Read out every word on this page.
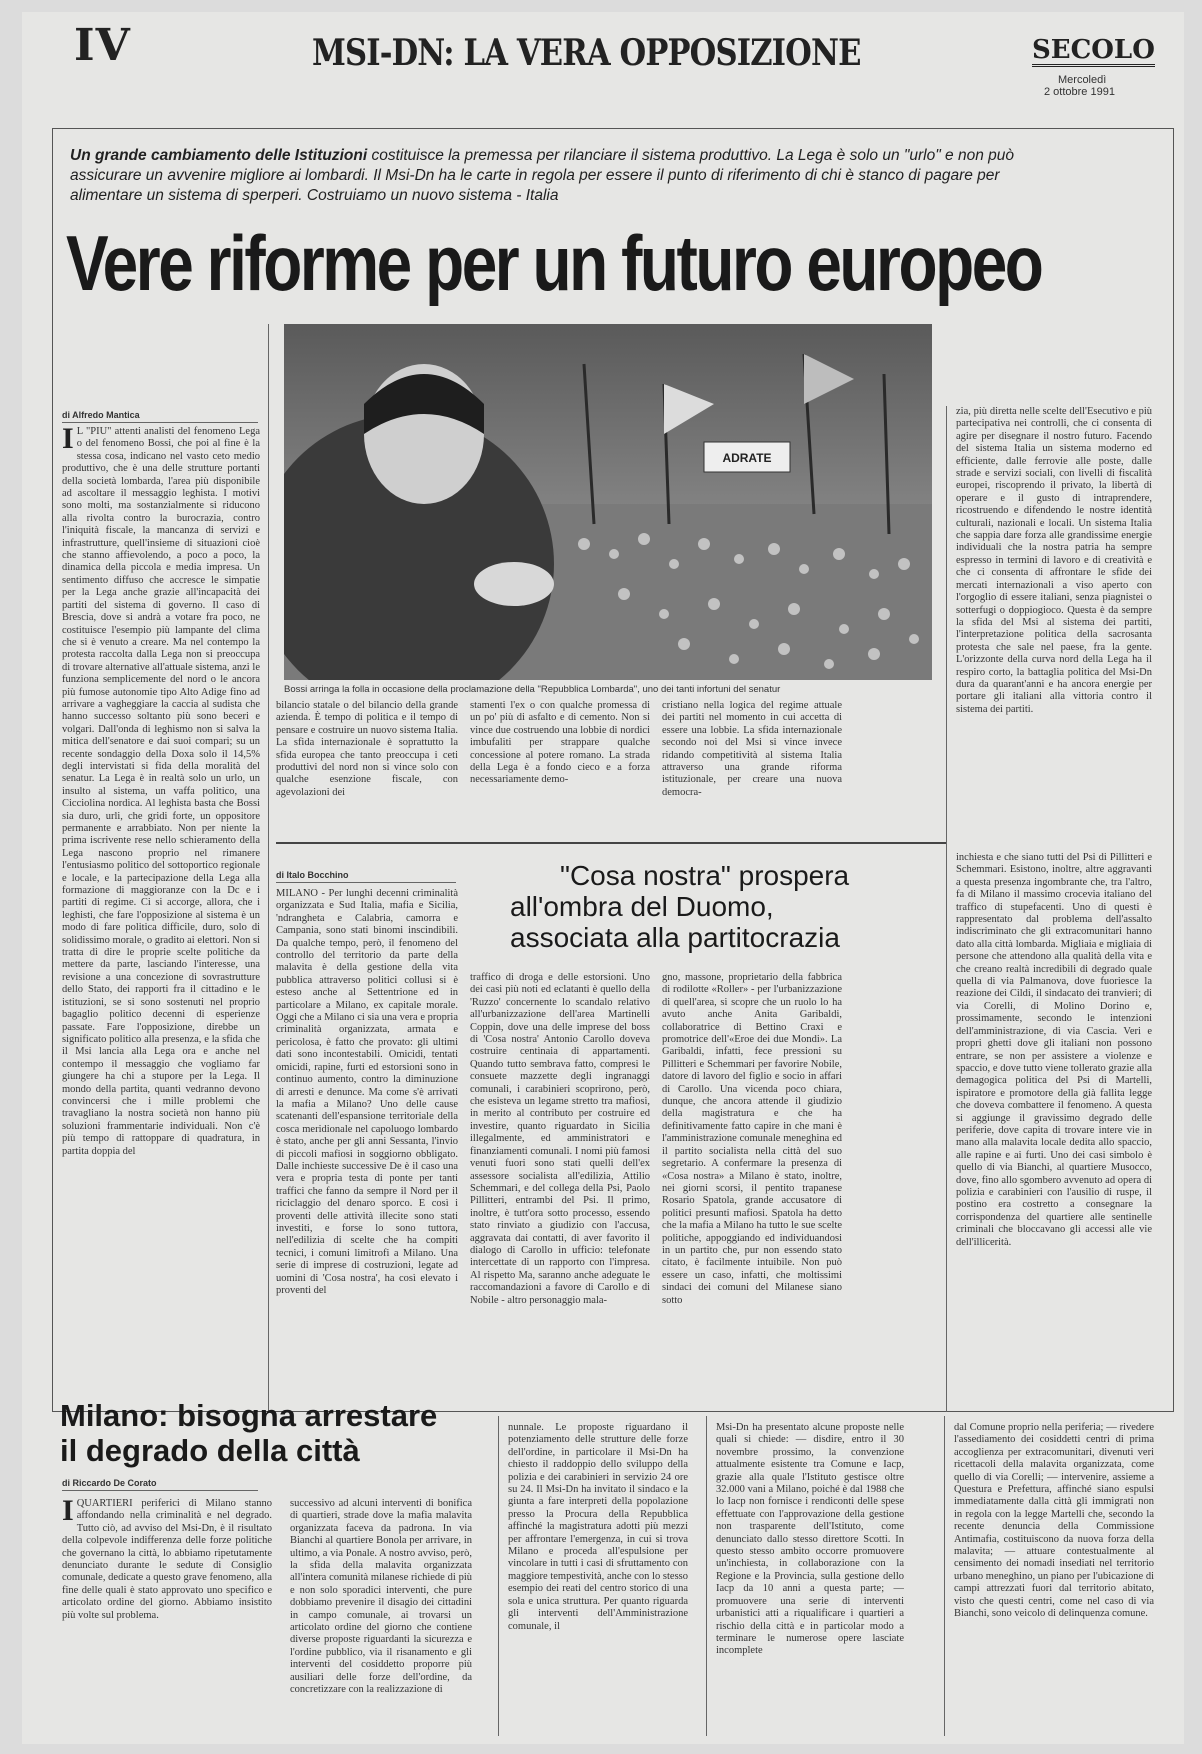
IV	MSI-DN: LA VERA OPPOSIZIONE	SECOLO
Mercoledì
2 ottobre 1991
Un grande cambiamento delle Istituzioni costituisce la premessa per rilanciare il sistema produttivo. La Lega è solo un "urlo" e non può assicurare un avvenire migliore ai lombardi. Il Msi-Dn ha le carte in regola per essere il punto di riferimento di chi è stanco di pagare per alimentare un sistema di sperperi. Costruiamo un nuovo sistema - Italia
Vere riforme per un futuro europeo
ADRATE
Bossi arringa la folla in occasione della proclamazione della "Repubblica Lombarda", uno dei tanti infortuni del senatur
di Alfredo Mantica
I L "PIU" attenti analisti del fenomeno Lega o del fenomeno Bossi, che poi al fine è la stessa cosa, indicano nel vasto ceto medio produttivo, che è una delle strutture portanti della società lombarda, l'area più disponibile ad ascoltare il messaggio leghista. I motivi sono molti, ma sostanzialmente si riducono alla rivolta contro la burocrazia, contro l'iniquità fiscale, la mancanza di servizi e infrastrutture, quell'insieme di situazioni cioè che stanno affievolendo, a poco a poco, la dinamica della piccola e media impresa. Un sentimento diffuso che accresce le simpatie per la Lega anche grazie all'incapacità dei partiti del sistema di governo. Il caso di Brescia, dove si andrà a votare fra poco, ne costituisce l'esempio più lampante del clima che si è venuto a creare. Ma nel contempo la protesta raccolta dalla Lega non si preoccupa di trovare alternative all'attuale sistema, anzi le funziona semplicemente del nord o le ancora più fumose autonomie tipo Alto Adige fino ad arrivare a vagheggiare la caccia al sudista che hanno successo soltanto più sono beceri e volgari. Dall'onda di leghismo non si salva la mitica dell'senatore e dai suoi compari; su un recente sondaggio della Doxa solo il 14,5% degli intervistati si fida della moralità del senatur. La Lega è in realtà solo un urlo, un insulto al sistema, un vaffa politico, una Cicciolina nordica. Al leghista basta che Bossi sia duro, urli, che gridi forte, un oppositore permanente e arrabbiato. Non per niente la prima iscrivente rese nello schieramento della Lega nascono proprio nel rimanere l'entusiasmo politico del sottoportico regionale e locale, e la partecipazione della Lega alla formazione di maggioranze con la Dc e i partiti di regime. Ci si accorge, allora, che i leghisti, che fare l'opposizione al sistema è un modo di fare politica difficile, duro, solo di solidissimo morale, o gradito ai elettori. Non si tratta di dire le proprie scelte politiche da mettere da parte, lasciando l'interesse, una revisione a una concezione di sovrastrutture dello Stato, dei rapporti fra il cittadino e le istituzioni, se si sono sostenuti nel proprio bagaglio politico decenni di esperienze passate. Fare l'opposizione, direbbe un significato politico alla presenza, e la sfida che il Msi lancia alla Lega ora e anche nel contempo il messaggio che vogliamo far giungere ha chi a stupore per la Lega. Il mondo della partita, quanti vedranno devono convincersi che i mille problemi che travagliano la nostra società non hanno più soluzioni frammentarie individuali. Non c'è più tempo di rattoppare di quadratura, in partita doppia del
bilancio statale o del bilancio della grande azienda. È tempo di politica e il tempo di pensare e costruire un nuovo sistema Italia. La sfida internazionale è soprattutto la sfida europea che tanto preoccupa i ceti produttivi del nord non si vince solo con qualche esenzione fiscale, con agevolazioni dei
stamenti l'ex o con qualche promessa di un po' più di asfalto e di cemento. Non si vince due costruendo una lobbie di nordici imbufaliti per strappare qualche concessione al potere romano. La strada della Lega è a fondo cieco e a forza necessariamente demo-
cristiano nella logica del regime attuale dei partiti nel momento in cui accetta di essere una lobbie. La sfida internazionale secondo noi del Msi si vince invece ridando competitività al sistema Italia attraverso una grande riforma istituzionale, per creare una nuova democra-
zia, più diretta nelle scelte dell'Esecutivo e più partecipativa nei controlli, che ci consenta di agire per disegnare il nostro futuro. Facendo del sistema Italia un sistema moderno ed efficiente, dalle ferrovie alle poste, dalle strade e servizi sociali, con livelli di fiscalità europei, riscoprendo il privato, la libertà di operare e il gusto di intraprendere, ricostruendo e difendendo le nostre identità culturali, nazionali e locali. Un sistema Italia che sappia dare forza alle grandissime energie individuali che la nostra patria ha sempre espresso in termini di lavoro e di creatività e che ci consenta di affrontare le sfide dei mercati internazionali a viso aperto con l'orgoglio di essere italiani, senza piagnistei o sotterfugi o doppiogioco. Questa è da sempre la sfida del Msi al sistema dei partiti, l'interpretazione politica della sacrosanta protesta che sale nel paese, fra la gente. L'orizzonte della curva nord della Lega ha il respiro corto, la battaglia politica del Msi-Dn dura da quarant'anni e ha ancora energie per portare gli italiani alla vittoria contro il sistema dei partiti.
di Italo Bocchino	"Cosa nostra" prospera
all'ombra del Duomo,
associata alla partitocrazia
MILANO - Per lunghi decenni criminalità organizzata e Sud Italia, mafia e Sicilia, 'ndrangheta e Calabria, camorra e Campania, sono stati binomi inscindibili. Da qualche tempo, però, il fenomeno del controllo del territorio da parte della malavita è della gestione della vita pubblica attraverso politici collusi si è esteso anche al Settentrione ed in particolare a Milano, ex capitale morale. Oggi che a Milano ci sia una vera e propria criminalità organizzata, armata e pericolosa, è fatto che provato: gli ultimi dati sono incontestabili. Omicidi, tentati omicidi, rapine, furti ed estorsioni sono in continuo aumento, contro la diminuzione di arresti e denunce. Ma come s'è arrivati la mafia a Milano? Uno delle cause scatenanti dell'espansione territoriale della cosca meridionale nel capoluogo lombardo è stato, anche per gli anni Sessanta, l'invio di piccoli mafiosi in soggiorno obbligato. Dalle inchieste successive De è il caso una vera e propria testa di ponte per tanti traffici che fanno da sempre il Nord per il riciclaggio del denaro sporco. E così i proventi delle attività illecite sono stati investiti, e forse lo sono tuttora, nell'edilizia di scelte che ha compiti tecnici, i comuni limitrofi a Milano. Una serie di imprese di costruzioni, legate ad uomini di 'Cosa nostra', ha così elevato i proventi del
traffico di droga e delle estorsioni. Uno dei casi più noti ed eclatanti è quello della 'Ruzzo' concernente lo scandalo relativo all'urbanizzazione dell'area Martinelli Coppin, dove una delle imprese del boss di 'Cosa nostra' Antonio Carollo doveva costruire centinaia di appartamenti. Quando tutto sembrava fatto, compresi le consuete mazzette degli ingranaggi comunali, i carabinieri scoprirono, però, che esisteva un legame stretto tra mafiosi, in merito al contributo per costruire ed investire, quanto riguardato in Sicilia illegalmente, ed amministratori e finanziamenti comunali. I nomi più famosi venuti fuori sono stati quelli dell'ex assessore socialista all'edilizia, Attilio Schemmari, e del collega della Psi, Paolo Pillitteri, entrambi del Psi. Il primo, inoltre, è tutt'ora sotto processo, essendo stato rinviato a giudizio con l'accusa, aggravata dai contatti, di aver favorito il dialogo di Carollo in ufficio: telefonate intercettate di un rapporto con l'impresa. Al rispetto Ma, saranno anche adeguate le raccomandazioni a favore di Carollo e di Nobile - altro personaggio mala-
gno, massone, proprietario della fabbrica di rodilotte «Roller» - per l'urbanizzazione di quell'area, si scopre che un ruolo lo ha avuto anche Anita Garibaldi, collaboratrice di Bettino Craxi e promotrice dell'«Eroe dei due Mondi». La Garibaldi, infatti, fece pressioni su Pillitteri e Schemmari per favorire Nobile, datore di lavoro del figlio e socio in affari di Carollo. Una vicenda poco chiara, dunque, che ancora attende il giudizio della magistratura e che ha definitivamente fatto capire in che mani è l'amministrazione comunale meneghina ed il partito socialista nella città del suo segretario. A confermare la presenza di «Cosa nostra» a Milano è stato, inoltre, nei giorni scorsi, il pentito trapanese Rosario Spatola, grande accusatore di politici presunti mafiosi. Spatola ha detto che la mafia a Milano ha tutto le sue scelte politiche, appoggiando ed individuandosi in un partito che, pur non essendo stato citato, è facilmente intuibile. Non può essere un caso, infatti, che moltissimi sindaci dei comuni del Milanese siano sotto
inchiesta e che siano tutti del Psi di Pillitteri e Schemmari. Esistono, inoltre, altre aggravanti a questa presenza ingombrante che, tra l'altro, fa di Milano il massimo crocevia italiano del traffico di stupefacenti. Uno di questi è rappresentato dal problema dell'assalto indiscriminato che gli extracomunitari hanno dato alla città lombarda. Migliaia e migliaia di persone che attendono alla qualità della vita e che creano realtà incredibili di degrado quale quella di via Palmanova, dove fuoriesce la reazione dei Cildi, il sindacato dei tranvieri; di via Corelli, di Molino Dorino e, prossimamente, secondo le intenzioni dell'amministrazione, di via Cascia. Veri e propri ghetti dove gli italiani non possono entrare, se non per assistere a violenze e spaccio, e dove tutto viene tollerato grazie alla demagogica politica del Psi di Martelli, ispiratore e promotore della già fallita legge che doveva combattere il fenomeno. A questa si aggiunge il gravissimo degrado delle periferie, dove capita di trovare intere vie in mano alla malavita locale dedita allo spaccio, alle rapine e ai furti. Uno dei casi simbolo è quello di via Bianchi, al quartiere Musocco, dove, fino allo sgombero avvenuto ad opera di polizia e carabinieri con l'ausilio di ruspe, il postino era costretto a consegnare la corrispondenza del quartiere alle sentinelle criminali che bloccavano gli accessi alle vie dell'illicerità.
Milano: bisogna arrestare
il degrado della città
di Riccardo De Corato
IQUARTIERI periferici di Milano stanno affondando nella criminalità e nel degrado. Tutto ciò, ad avviso del Msi-Dn, è il risultato della colpevole indifferenza delle forze politiche che governano la città, lo abbiamo ripetutamente denunciato durante le sedute di Consiglio comunale, dedicate a questo grave fenomeno, alla fine delle quali è stato approvato uno specifico e articolato ordine del giorno. Abbiamo insistito più volte sul problema.
successivo ad alcuni interventi di bonifica di quartieri, strade dove la mafia malavita organizzata faceva da padrona. In via Bianchi al quartiere Bonola per arrivare, in ultimo, a via Ponale. A nostro avviso, però, la sfida della malavita organizzata all'intera comunità milanese richiede di più e non solo sporadici interventi, che pure dobbiamo prevenire il disagio dei cittadini in campo comunale, ai trovarsi un articolato ordine del giorno che contiene diverse proposte riguardanti la sicurezza e l'ordine pubblico, via il risanamento e gli interventi del cosiddetto proporre più ausiliari delle forze dell'ordine, da concretizzare con la realizzazione di
nunnale. Le proposte riguardano il potenziamento delle strutture delle forze dell'ordine, in particolare il Msi-Dn ha chiesto il raddoppio dello sviluppo della polizia e dei carabinieri in servizio 24 ore su 24. Il Msi-Dn ha invitato il sindaco e la giunta a fare interpreti della popolazione presso la Procura della Repubblica affinché la magistratura adotti più mezzi per affrontare l'emergenza, in cui si trova Milano e proceda all'espulsione per vincolare in tutti i casi di sfruttamento con maggiore tempestività, anche con lo stesso esempio dei reati del centro storico di una sola e unica struttura. Per quanto riguarda gli interventi dell'Amministrazione comunale, il
Msi-Dn ha presentato alcune proposte nelle quali si chiede: — disdire, entro il 30 novembre prossimo, la convenzione attualmente esistente tra Comune e Iacp, grazie alla quale l'Istituto gestisce oltre 32.000 vani a Milano, poiché è dal 1988 che lo Iacp non fornisce i rendiconti delle spese effettuate con l'approvazione della gestione non trasparente dell'Istituto, come denunciato dallo stesso direttore Scotti. In questo stesso ambito occorre promuovere un'inchiesta, in collaborazione con la Regione e la Provincia, sulla gestione dello Iacp da 10 anni a questa parte; — promuovere una serie di interventi urbanistici atti a riqualificare i quartieri a rischio della città e in particolar modo a terminare le numerose opere lasciate incomplete
dal Comune proprio nella periferia; — rivedere l'assediamento dei cosiddetti centri di prima accoglienza per extracomunitari, divenuti veri ricettacoli della malavita organizzata, come quello di via Corelli; — intervenire, assieme a Questura e Prefettura, affinché siano espulsi immediatamente dalla città gli immigrati non in regola con la legge Martelli che, secondo la recente denuncia della Commissione Antimafia, costituiscono da nuova forza della malavita; — attuare contestualmente al censimento dei nomadi insediati nel territorio urbano meneghino, un piano per l'ubicazione di campi attrezzati fuori dal territorio abitato, visto che questi centri, come nel caso di via Bianchi, sono veicolo di delinquenza comune.
